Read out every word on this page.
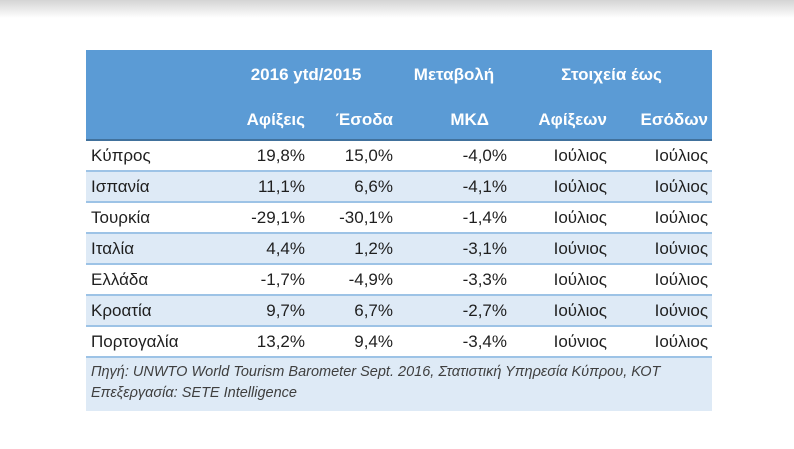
	2016 ytd/2015		Μεταβολή	Στοιχεία έως	
	Αφίξεις	Έσοδα	ΜΚΔ	Αφίξεων	Εσόδων
Κύπρος	19,8%	15,0%	-4,0%	Ιούλιος	Ιούλιος
Ισπανία	11,1%	6,6%	-4,1%	Ιούλιος	Ιούλιος
Τουρκία	-29,1%	-30,1%	-1,4%	Ιούλιος	Ιούλιος
Ιταλία	4,4%	1,2%	-3,1%	Ιούνιος	Ιούνιος
Ελλάδα	-1,7%	-4,9%	-3,3%	Ιούλιος	Ιούλιος
Κροατία	9,7%	6,7%	-2,7%	Ιούλιος	Ιούνιος
Πορτογαλία	13,2%	9,4%	-3,4%	Ιούνιος	Ιούλιος
Πηγή: UNWTO World Tourism Barometer Sept. 2016, Στατιστική Υπηρεσία Κύπρου, ΚΟΤ
Επεξεργασία: SETE Intelligence
